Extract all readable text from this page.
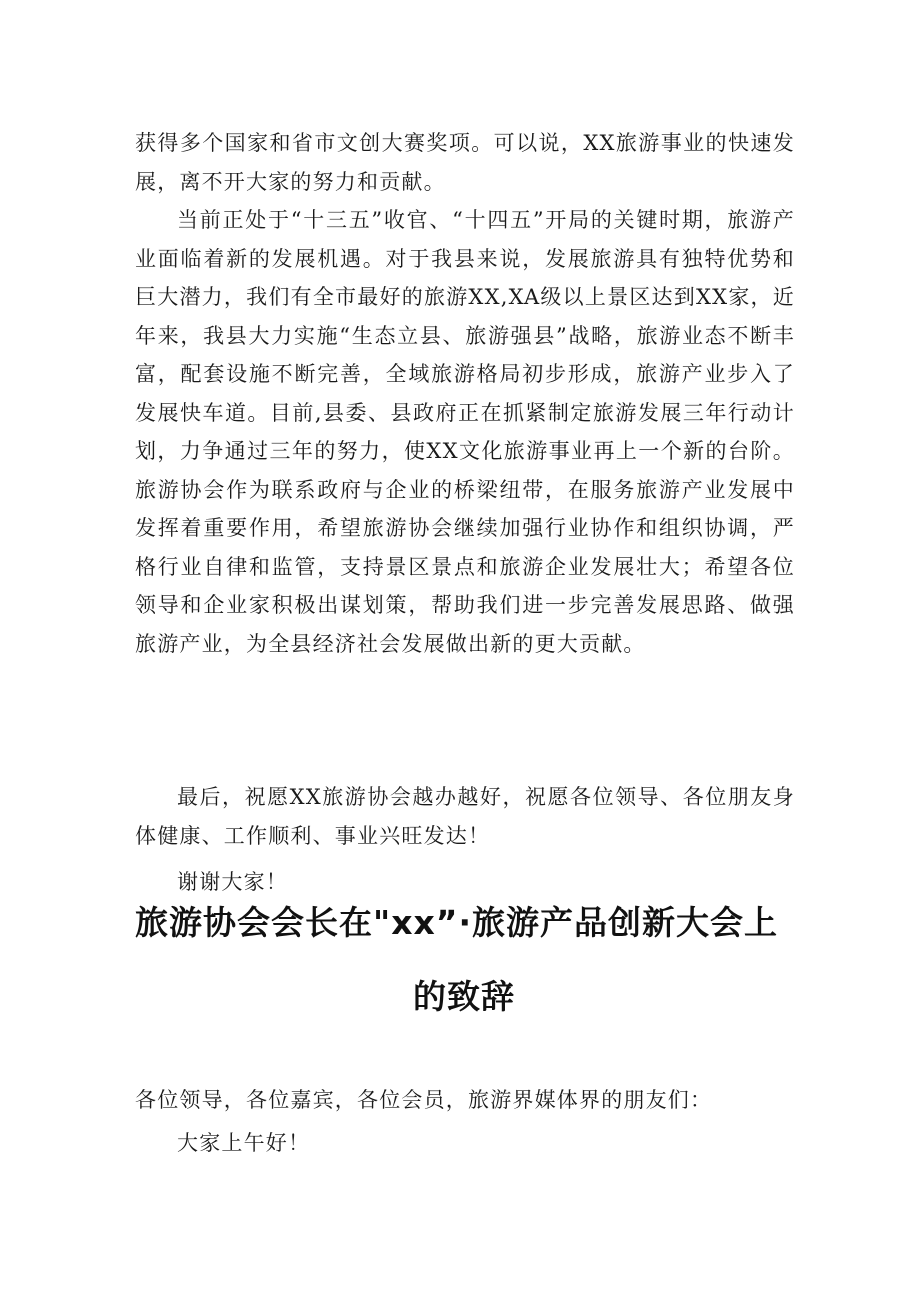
获得多个国家和省市文创大赛奖项。可以说，XX旅游事业的快速发展，离不开大家的努力和贡献。

当前正处于“十三五”收官、“十四五”开局的关键时期，旅游产业面临着新的发展机遇。对于我县来说，发展旅游具有独特优势和巨大潜力，我们有全市最好的旅游XX,XA级以上景区达到XX家，近年来，我县大力实施“生态立县、旅游强县”战略，旅游业态不断丰富，配套设施不断完善，全域旅游格局初步形成，旅游产业步入了发展快车道。目前,县委、县政府正在抓紧制定旅游发展三年行动计划，力争通过三年的努力，使XX文化旅游事业再上一个新的台阶。旅游协会作为联系政府与企业的桥梁纽带，在服务旅游产业发展中发挥着重要作用，希望旅游协会继续加强行业协作和组织协调，严格行业自律和监管，支持景区景点和旅游企业发展壮大；希望各位领导和企业家积极出谋划策，帮助我们进一步完善发展思路、做强旅游产业，为全县经济社会发展做出新的更大贡献。

最后，祝愿XX旅游协会越办越好，祝愿各位领导、各位朋友身体健康、工作顺利、事业兴旺发达！

谢谢大家！

旅游协会会长在"xx”·旅游产品创新大会上
的致辞

各位领导，各位嘉宾，各位会员，旅游界媒体界的朋友们：

大家上午好！
